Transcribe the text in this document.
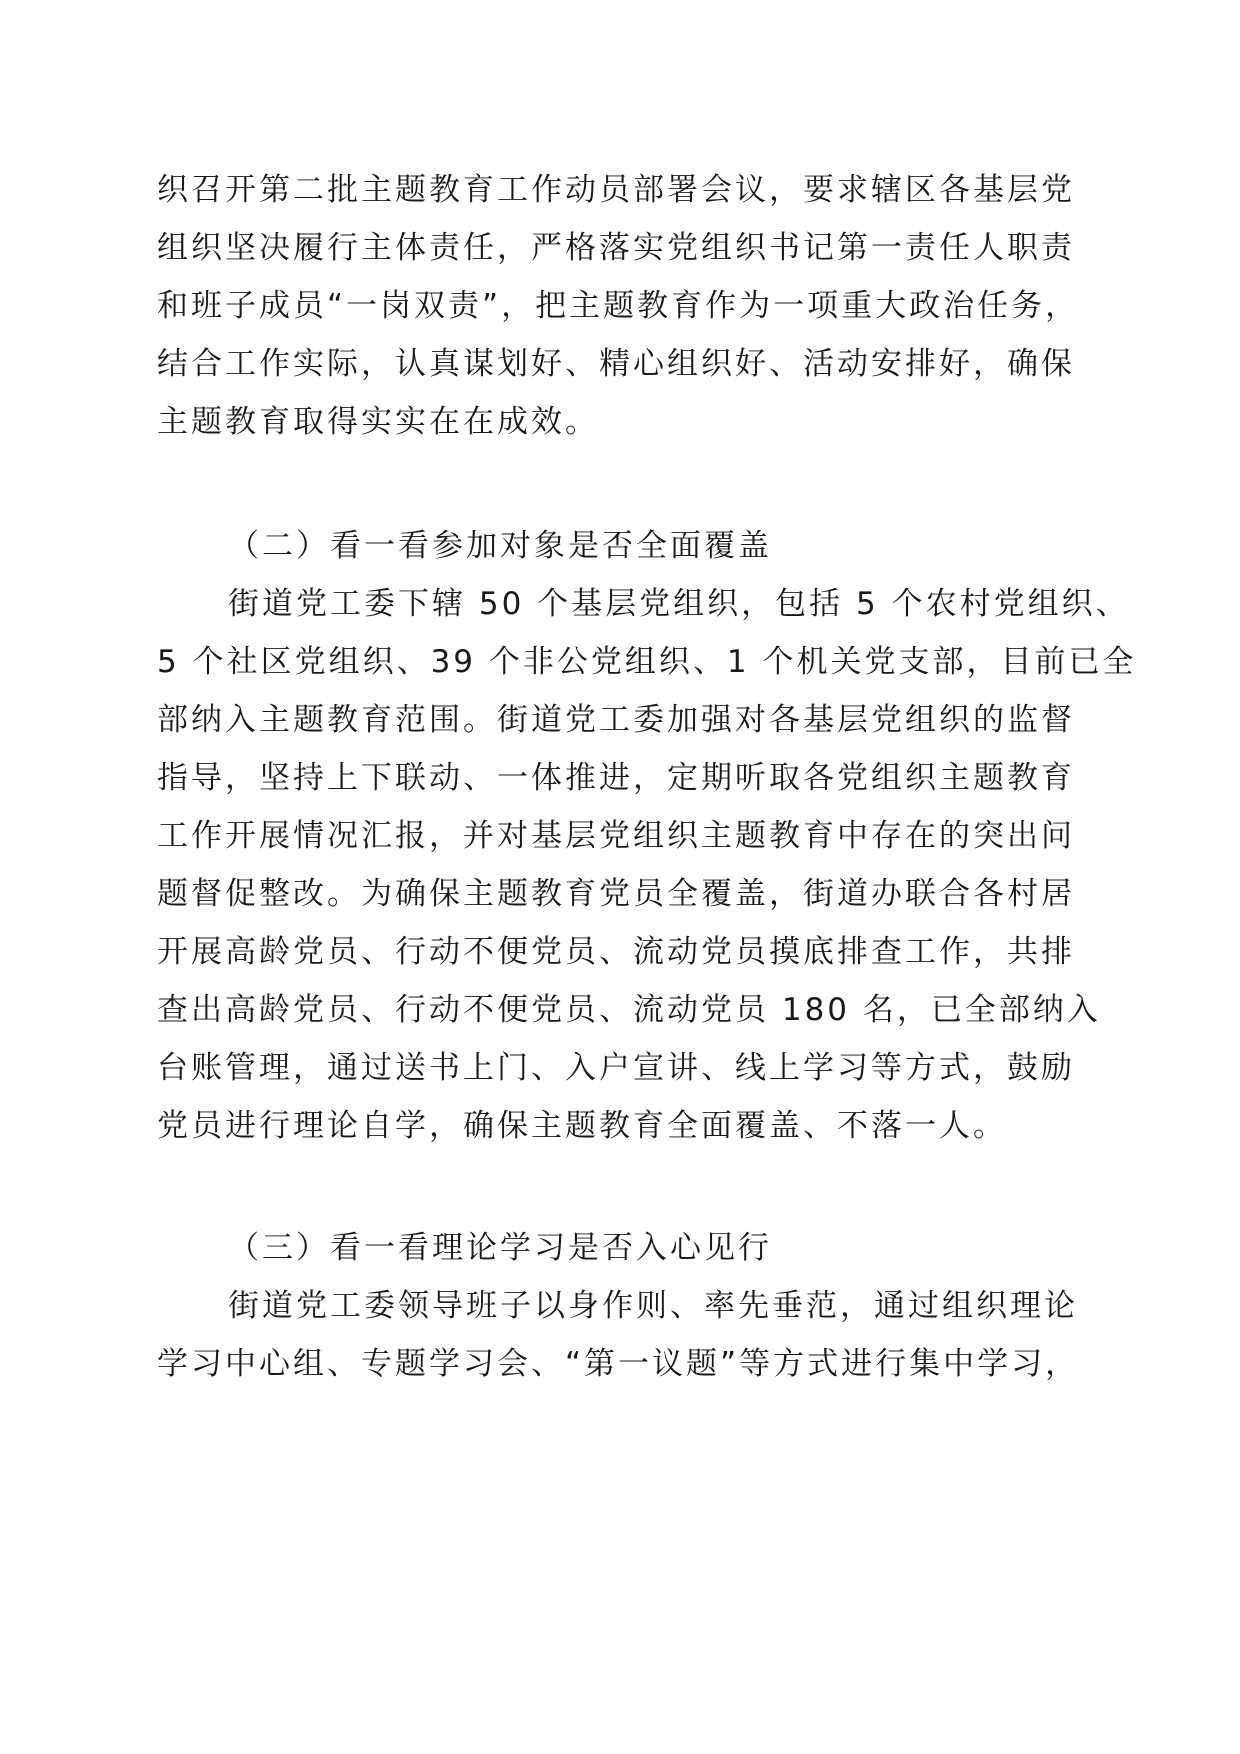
织召开第二批主题教育工作动员部署会议，要求辖区各基层党
组织坚决履行主体责任，严格落实党组织书记第一责任人职责
和班子成员“一岗双责”，把主题教育作为一项重大政治任务，
结合工作实际，认真谋划好、精心组织好、活动安排好，确保
主题教育取得实实在在成效。
（二）看一看参加对象是否全面覆盖
街道党工委下辖 50 个基层党组织，包括 5 个农村党组织、
5 个社区党组织、39 个非公党组织、1 个机关党支部，目前已全
部纳入主题教育范围。街道党工委加强对各基层党组织的监督
指导，坚持上下联动、一体推进，定期听取各党组织主题教育
工作开展情况汇报，并对基层党组织主题教育中存在的突出问
题督促整改。为确保主题教育党员全覆盖，街道办联合各村居
开展高龄党员、行动不便党员、流动党员摸底排查工作，共排
查出高龄党员、行动不便党员、流动党员 180 名，已全部纳入
台账管理，通过送书上门、入户宣讲、线上学习等方式，鼓励
党员进行理论自学，确保主题教育全面覆盖、不落一人。
（三）看一看理论学习是否入心见行
街道党工委领导班子以身作则、率先垂范，通过组织理论
学习中心组、专题学习会、“第一议题”等方式进行集中学习，
